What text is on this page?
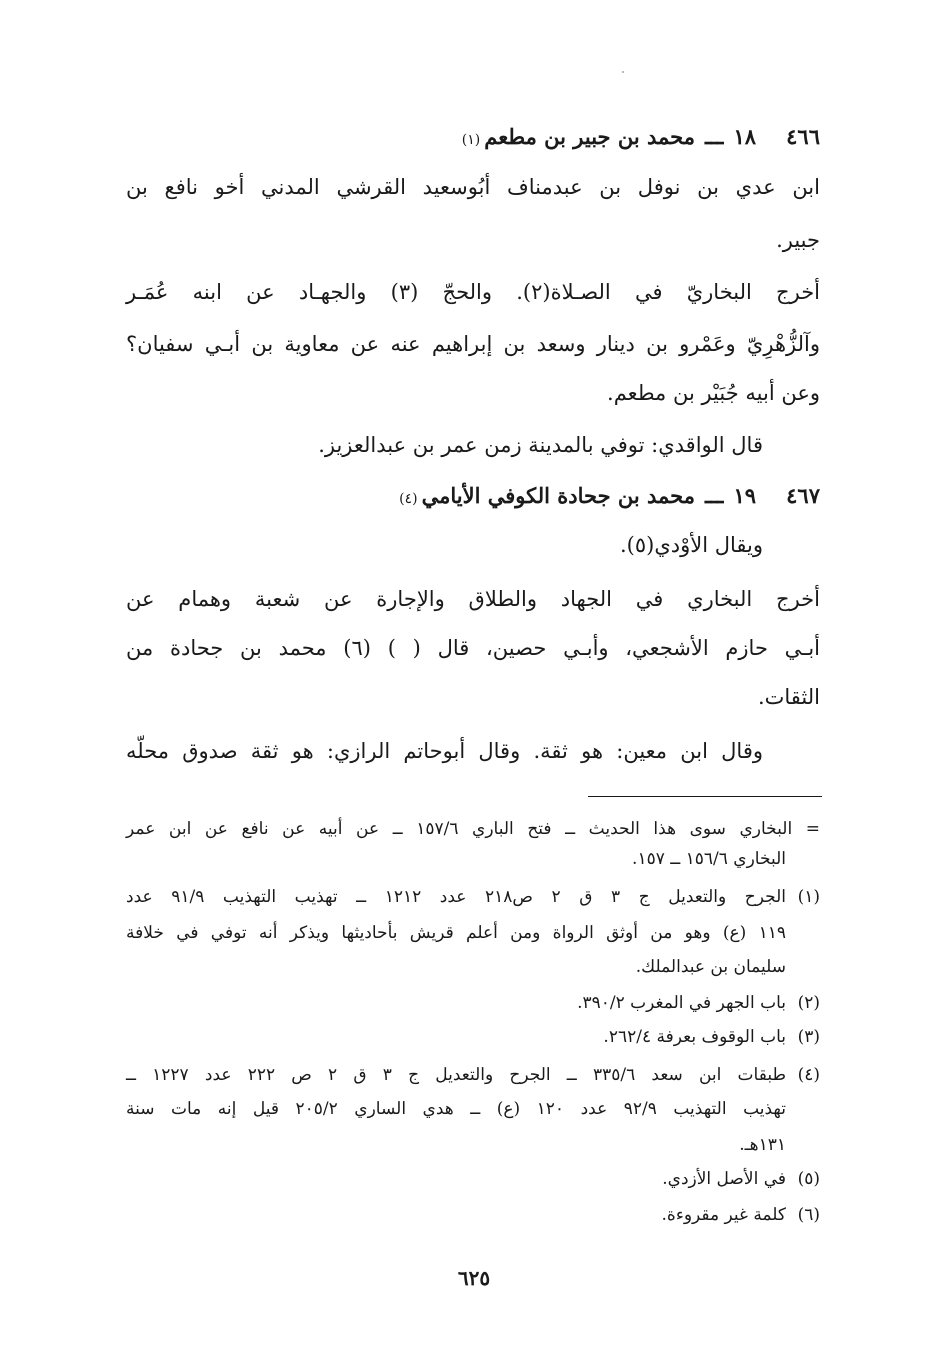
٤٦٦
١٨
ـــ
محمد بن جبير بن مطعم
(١)
ابن عدي بن نوفل بن عبدمناف أبُوسعيد القرشي المدني أخو نافع بن
جبير.
أخرج البخاريّ في الصـلاة(٢). والحجّ (٣) والجهـاد عن ابنه عُمَـر
وآلزُّهْرِيّ وعَمْرو بن دينار وسعد بن إبراهيم عنه عن معاوية بن أبـي سفيان؟
وعن أبيه جُبَيْر بن مطعم.
قال الواقدي: توفي بالمدينة زمن عمر بن عبدالعزيز.
٤٦٧
١٩
ـــ
محمد بن جحادة الكوفي الأيامي
(٤)
ويقال الأوْدي(٥).
أخرج البخاري في الجهاد والطلاق والإجارة عن شعبة وهمام عن
أبـي حازم الأشجعي، وأبـي حصين، قال ( ) (٦) محمد بن جحادة من
الثقات.
وقال ابن معين: هو ثقة. وقال أبوحاتم الرازي: هو ثقة صدوق محلّه
= البخاري سوى هذا الحديث ــ فتح الباري ١٥٧/٦ ــ عن أبيه عن نافع عن ابن عمر
البخاري ١٥٦/٦ ــ ١٥٧.
(١)الجرح والتعديل ج ٣ ق ٢ ص٢١٨ عدد ١٢١٢ ــ تهذيب التهذيب ٩١/٩ عدد
١١٩ (ع) وهو من أوثق الرواة ومن أعلم قريش بأحاديثها ويذكر أنه توفي في خلافة
سليمان بن عبدالملك.
(٢)باب الجهر في المغرب ٣٩٠/٢.
(٣)باب الوقوف بعرفة ٢٦٢/٤.
(٤)طبقات ابن سعد ٣٣٥/٦ ــ الجرح والتعديل ج ٣ ق ٢ ص ٢٢٢ عدد ١٢٢٧ ــ
تهذيب التهذيب ٩٢/٩ عدد ١٢٠ (ع) ــ هدي الساري ٢٠٥/٢ قيل إنه مات سنة
١٣١هـ.
(٥)في الأصل الأزدي.
(٦)كلمة غير مقروءة.
٦٢٥
